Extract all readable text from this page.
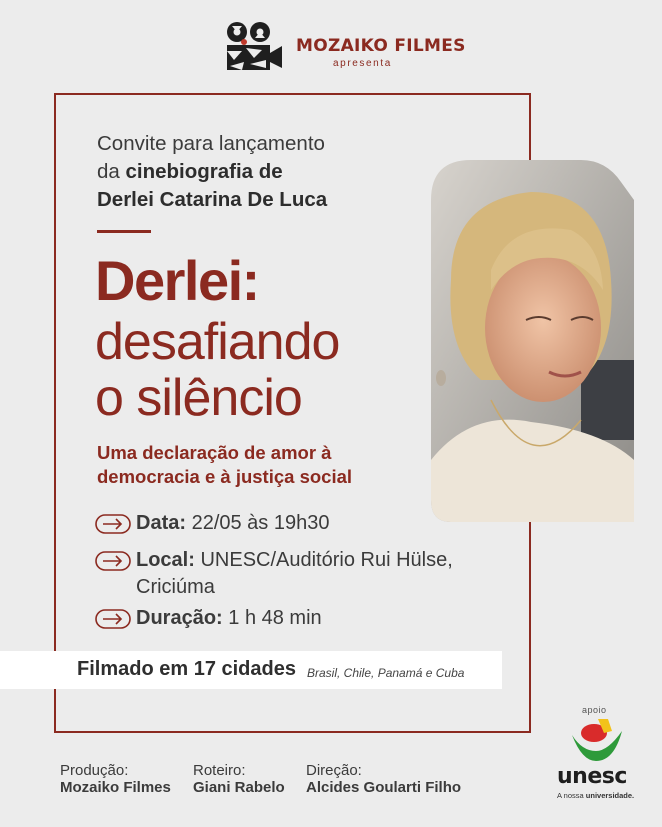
MOZAIKO FILMES
apresenta
Convite para lançamento
da cinebiografia de
Derlei Catarina De Luca
Derlei:
desafiando
o silêncio
Uma declaração de amor à
democracia e à justiça social
Data: 22/05 às 19h30
Local: UNESC/Auditório Rui Hülse,
Criciúma
Duração: 1 h 48 min
Filmado em 17 cidades Brasil, Chile, Panamá e Cuba
Produção:
Mozaiko Filmes
Roteiro:
Giani Rabelo
Direção:
Alcides Goularti Filho
apoio
unesc
A nossa universidade.
